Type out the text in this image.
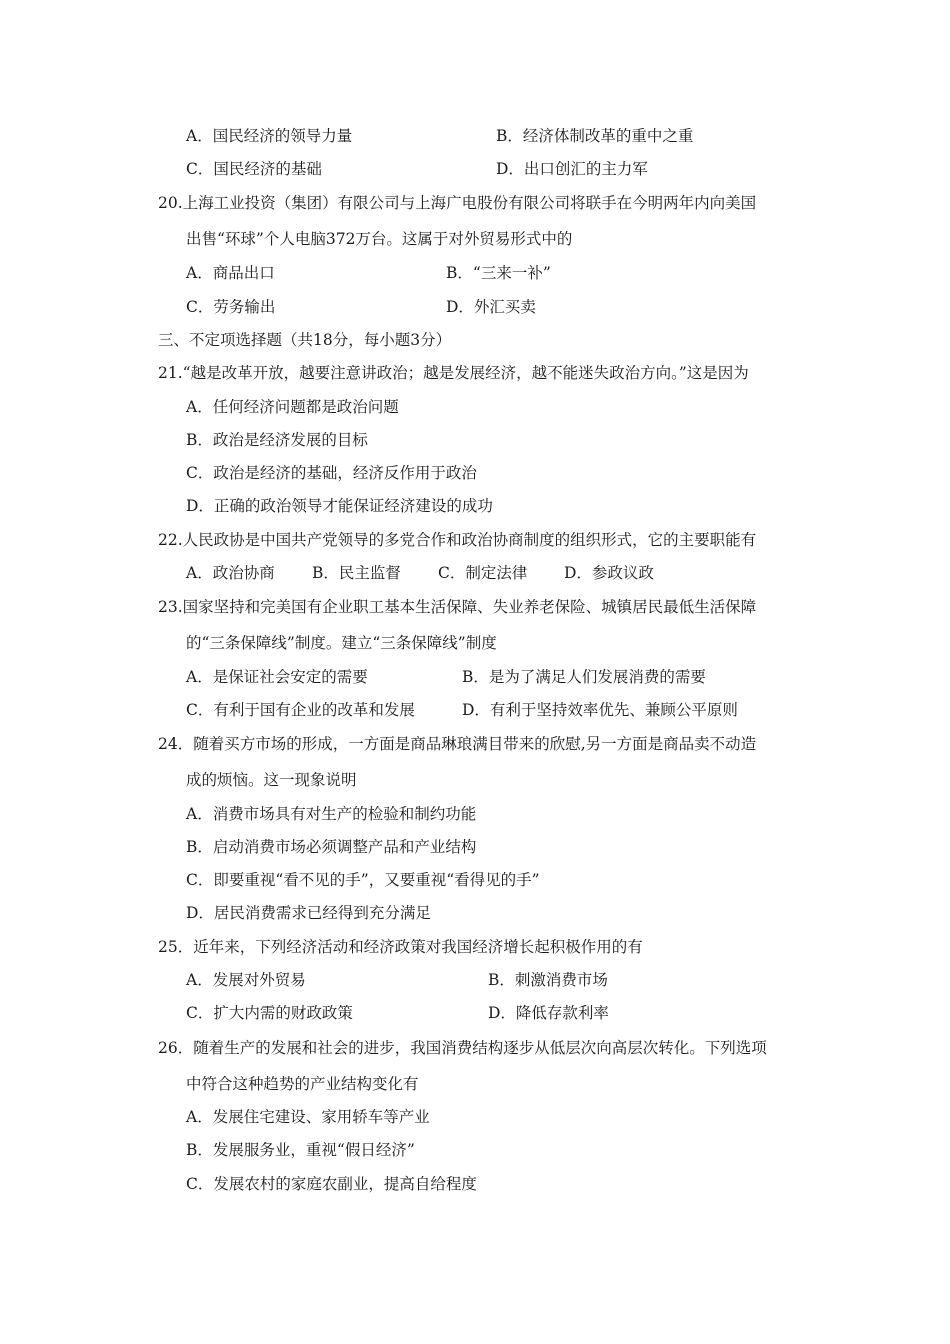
A．国民经济的领导力量	B．经济体制改革的重中之重
C．国民经济的基础	D．出口创汇的主力军
20.上海工业投资（集团）有限公司与上海广电股份有限公司将联手在今明两年内向美国
出售“环球”个人电脑372万台。这属于对外贸易形式中的
A．商品出口	B．“三来一补”
C．劳务输出	D．外汇买卖
三、不定项选择题（共18分，每小题3分）
21.“越是改革开放，越要注意讲政治；越是发展经济，越不能迷失政治方向。”这是因为
A．任何经济问题都是政治问题
B．政治是经济发展的目标
C．政治是经济的基础，经济反作用于政治
D．正确的政治领导才能保证经济建设的成功
22.人民政协是中国共产党领导的多党合作和政治协商制度的组织形式，它的主要职能有
A．政治协商 B．民主监督 C．制定法律 D．参政议政
23.国家坚持和完美国有企业职工基本生活保障、失业养老保险、城镇居民最低生活保障
的“三条保障线”制度。建立“三条保障线”制度
A．是保证社会安定的需要	B．是为了满足人们发展消费的需要
C．有利于国有企业的改革和发展	D．有利于坚持效率优先、兼顾公平原则
24．随着买方市场的形成，一方面是商品琳琅满目带来的欣慰,另一方面是商品卖不动造
成的烦恼。这一现象说明
A．消费市场具有对生产的检验和制约功能
B．启动消费市场必须调整产品和产业结构
C．即要重视“看不见的手”，又要重视“看得见的手”
D．居民消费需求已经得到充分满足
25．近年来，下列经济活动和经济政策对我国经济增长起积极作用的有
A．发展对外贸易	B．刺激消费市场
C．扩大内需的财政政策	D．降低存款利率
26．随着生产的发展和社会的进步，我国消费结构逐步从低层次向高层次转化。下列选项
中符合这种趋势的产业结构变化有
A．发展住宅建设、家用轿车等产业
B．发展服务业，重视“假日经济”
C．发展农村的家庭农副业，提高自给程度
